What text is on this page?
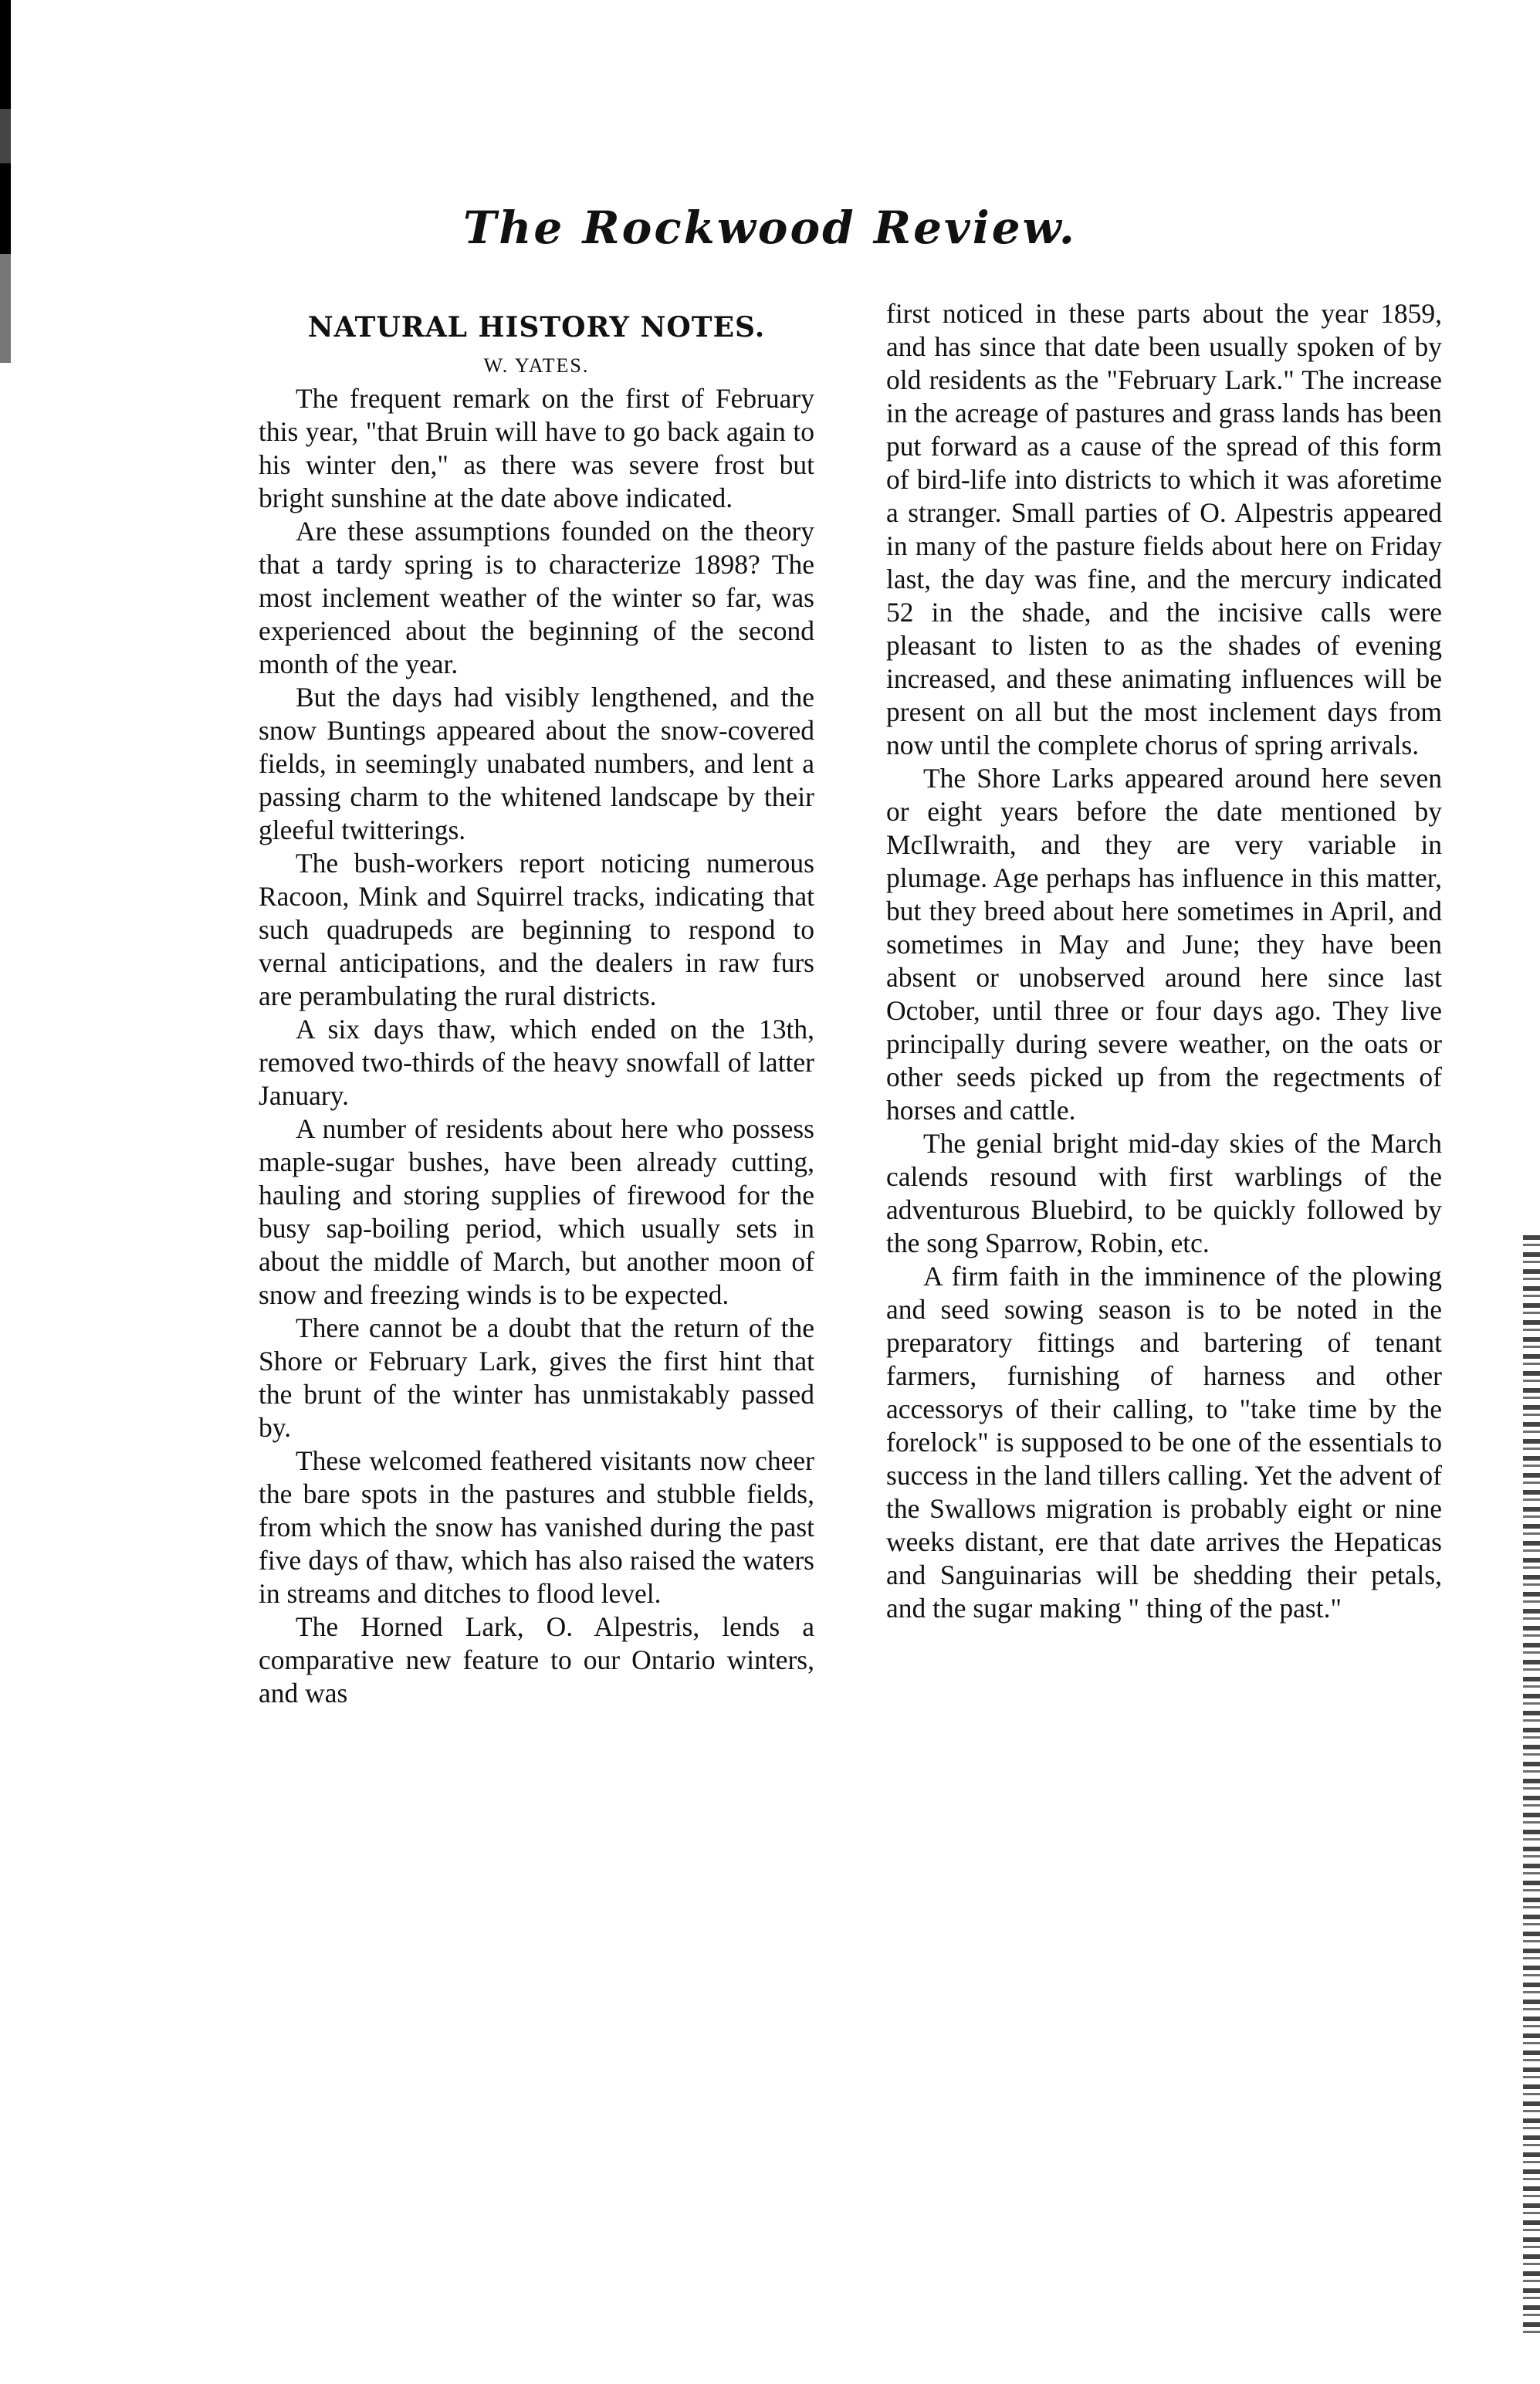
The Rockwood Review.
NATURAL HISTORY NOTES.
W. YATES.

The frequent remark on the first of February this year, "that Bruin will have to go back again to his winter den," as there was severe frost but bright sunshine at the date above indicated.

Are these assumptions founded on the theory that a tardy spring is to characterize 1898? The most inclement weather of the winter so far, was experienced about the beginning of the second month of the year.

But the days had visibly lengthened, and the snow Buntings appeared about the snow-covered fields, in seemingly unabated numbers, and lent a passing charm to the whitened landscape by their gleeful twitterings.

The bush-workers report noticing numerous Racoon, Mink and Squirrel tracks, indicating that such quadrupeds are beginning to respond to vernal anticipations, and the dealers in raw furs are perambulating the rural districts.

A six days thaw, which ended on the 13th, removed two-thirds of the heavy snowfall of latter January.

A number of residents about here who possess maple-sugar bushes, have been already cutting, hauling and storing supplies of firewood for the busy sap-boiling period, which usually sets in about the middle of March, but another moon of snow and freezing winds is to be expected.

There cannot be a doubt that the return of the Shore or February Lark, gives the first hint that the brunt of the winter has unmistakably passed by.

These welcomed feathered visitants now cheer the bare spots in the pastures and stubble fields, from which the snow has vanished during the past five days of thaw, which has also raised the waters in streams and ditches to flood level.

The Horned Lark, O. Alpestris, lends a comparative new feature to our Ontario winters, and was

first noticed in these parts about the year 1859, and has since that date been usually spoken of by old residents as the "February Lark." The increase in the acreage of pastures and grass lands has been put forward as a cause of the spread of this form of bird-life into districts to which it was aforetime a stranger. Small parties of O. Alpestris appeared in many of the pasture fields about here on Friday last, the day was fine, and the mercury indicated 52 in the shade, and the incisive calls were pleasant to listen to as the shades of evening increased, and these animating influences will be present on all but the most inclement days from now until the complete chorus of spring arrivals.

The Shore Larks appeared around here seven or eight years before the date mentioned by McIlwraith, and they are very variable in plumage. Age perhaps has influence in this matter, but they breed about here sometimes in April, and sometimes in May and June; they have been absent or unobserved around here since last October, until three or four days ago. They live principally during severe weather, on the oats or other seeds picked up from the regectments of horses and cattle.

The genial bright mid-day skies of the March calends resound with first warblings of the adventurous Bluebird, to be quickly followed by the song Sparrow, Robin, etc.

A firm faith in the imminence of the plowing and seed sowing season is to be noted in the preparatory fittings and bartering of tenant farmers, furnishing of harness and other accessorys of their calling, to "take time by the forelock" is supposed to be one of the essentials to success in the land tillers calling. Yet the advent of the Swallows migration is probably eight or nine weeks distant, ere that date arrives the Hepaticas and Sanguinarias will be shedding their petals, and the sugar making " thing of the past."
